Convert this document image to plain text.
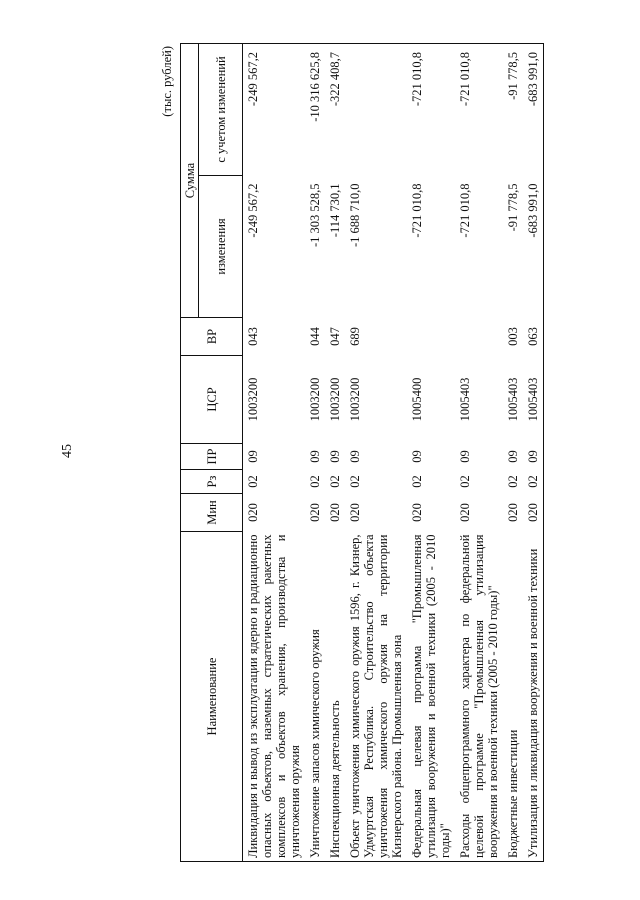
45
(тыс. рублей)
Наименование	Мин	Рз	ПР	ЦСР	ВР	Сумма	
						изменения	с учетом изменений
Ликвидация и вывод из эксплуатации ядерно и радиационно опасных объектов, наземных стратегических ракетных комплексов и объектов хранения, производства и уничтожения оружия	020	02	09	1003200	043	-249 567,2	-249 567,2
Уничтожение запасов химического оружия	020	02	09	1003200	044	-1 303 528,5	-10 316 625,8
Инспекционная деятельность	020	02	09	1003200	047	-114 730,1	-322 408,7
Объект уничтожения химического оружия 1596, г. Кизнер, Удмуртская Республика. Строительство объекта уничтожения химического оружия на территории Кизнерского района. Промышленная зона	020	02	09	1003200	689	-1 688 710,0	
Федеральная целевая программа "Промышленная утилизация вооружения и военной техники (2005 - 2010 годы)"	020	02	09	1005400		-721 010,8	-721 010,8
Расходы общепрограммного характера по федеральной целевой программе "Промышленная утилизация вооружения и военной техники (2005 - 2010 годы)"	020	02	09	1005403		-721 010,8	-721 010,8
Бюджетные инвестиции	020	02	09	1005403	003	-91 778,5	-91 778,5
Утилизация и ликвидация вооружения и военной техники	020	02	09	1005403	063	-683 991,0	-683 991,0
